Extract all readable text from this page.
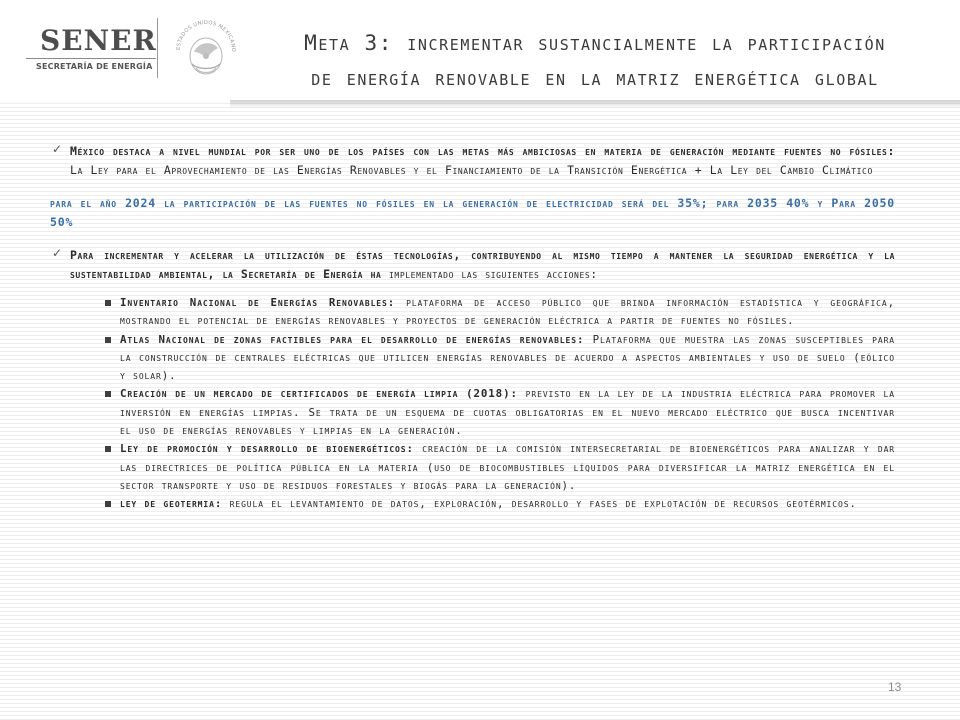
SENER
SECRETARÍA DE ENERGÍA
ESTADOS UNIDOS MEXICANO	Meta 3: incrementar sustancialmente la participación
de energía renovable en la matriz energética global
✓ México destaca a nivel mundial por ser uno de los países con las metas más ambiciosas en materia de generación mediante fuentes no fósiles: La Ley para el Aprovechamiento de las Energías Renovables y el Financiamiento de la Transición Energética + La Ley del Cambio Climático
para el año 2024 la participación de las fuentes no fósiles en la generación de electricidad será del 35%; para 2035 40% y Para 2050 50%
✓ Para incrementar y acelerar la utilización de éstas tecnologías, contribuyendo al mismo tiempo a mantener la seguridad energética y la sustentabilidad ambiental, la Secretaría de Energía ha implementado las siguientes acciones:
Inventario Nacional de Energías Renovables: plataforma de acceso público que brinda información estadística y geográfica, mostrando el potencial de energías renovables y proyectos de generación eléctrica a partir de fuentes no fósiles.
Atlas Nacional de zonas factibles para el desarrollo de energías renovables: Plataforma que muestra las zonas susceptibles para la construcción de centrales eléctricas que utilicen energías renovables de acuerdo a aspectos ambientales y uso de suelo (eólico y solar).
Creación de un mercado de certificados de energía limpia (2018): previsto en la ley de la industria eléctrica para promover la inversión en energías limpias. Se trata de un esquema de cuotas obligatorias en el nuevo mercado eléctrico que busca incentivar el uso de energías renovables y limpias en la generación.
Ley de promoción y desarrollo de bioenergéticos: creación de la comisión intersecretarial de bioenergéticos para analizar y dar las directrices de política pública en la materia (uso de biocombustibles líquidos para diversificar la matriz energética en el sector transporte y uso de residuos forestales y biogás para la generación).
ley de geotermia: regula el levantamiento de datos, exploración, desarrollo y fases de explotación de recursos geotérmicos.
13
